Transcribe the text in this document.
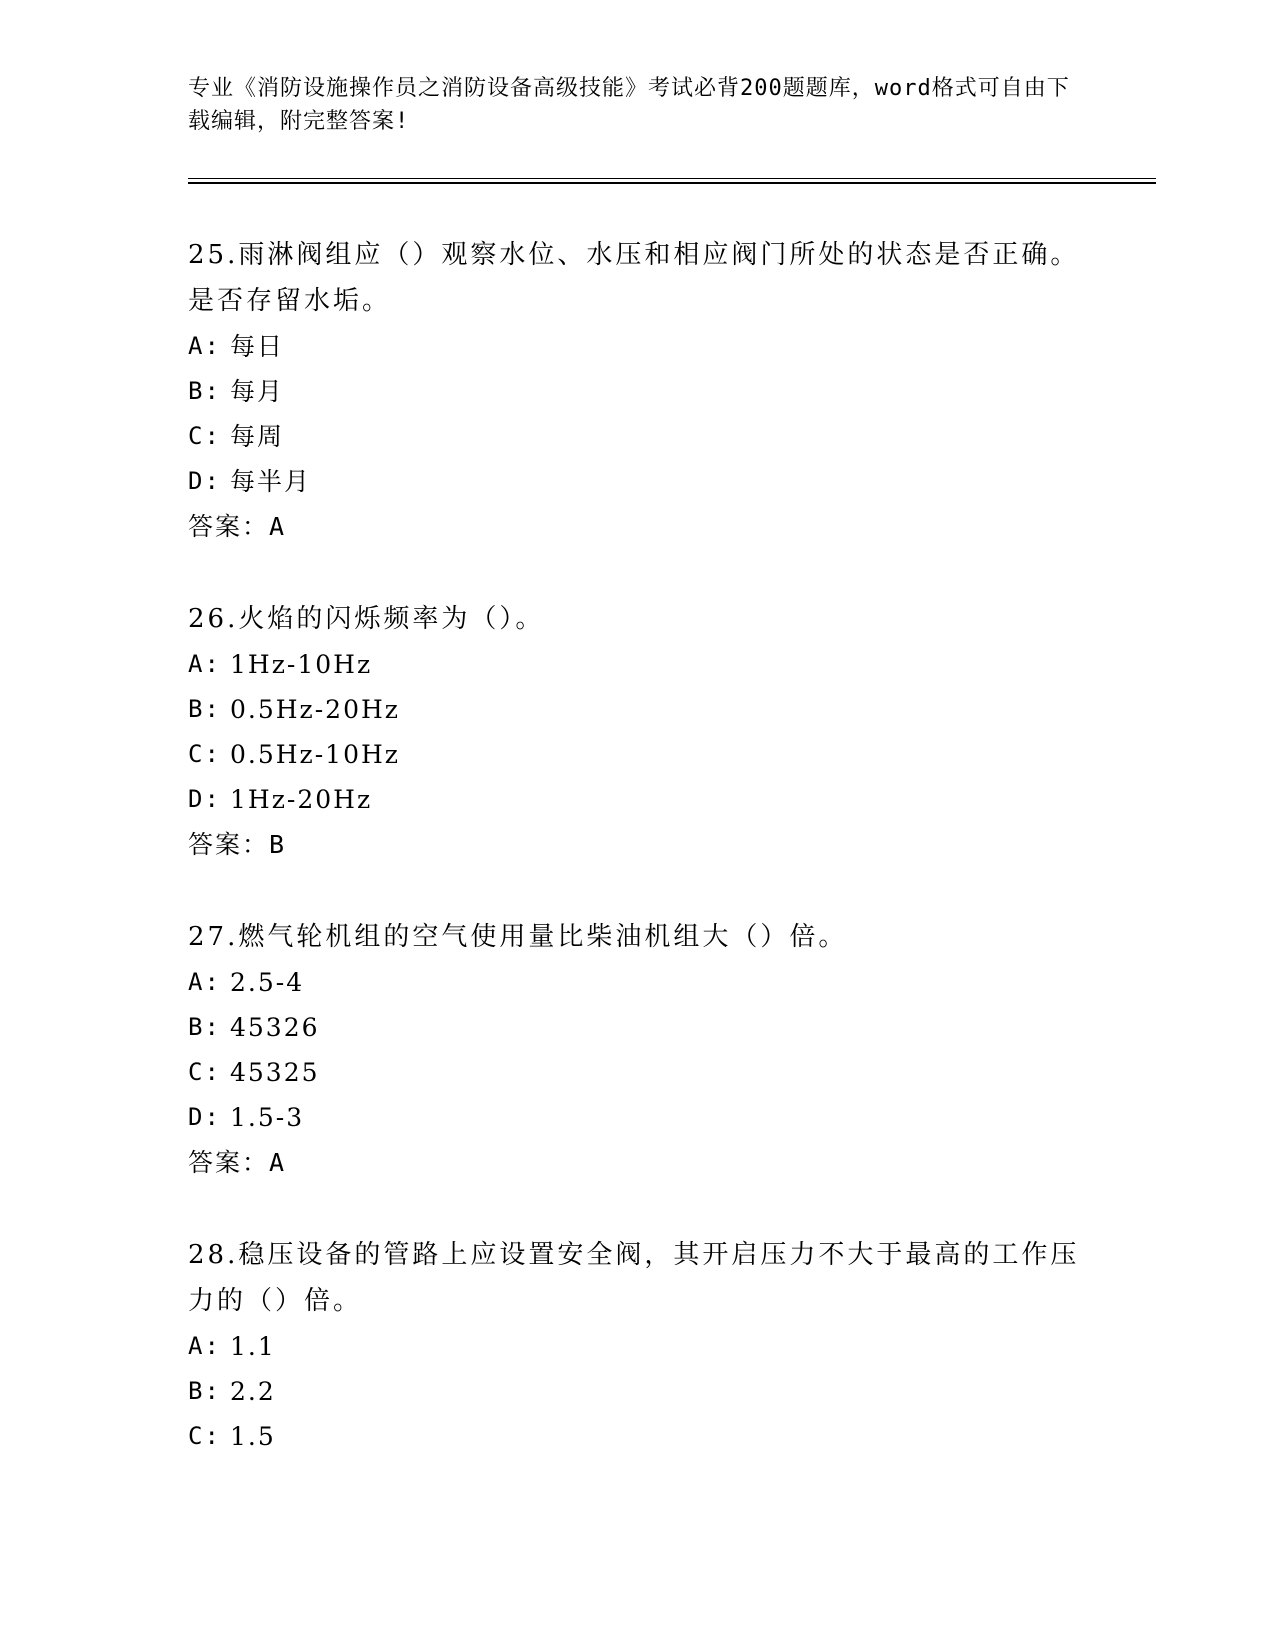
专业《消防设施操作员之消防设备高级技能》考试必背200题题库，word格式可自由下载编辑，附完整答案!

25.雨淋阀组应（）观察水位、水压和相应阀门所处的状态是否正确。是否存留水垢。

A: 每日

B: 每月

C: 每周

D: 每半月

答案：A

26.火焰的闪烁频率为（）。

A: 1Hz-10Hz

B: 0.5Hz-20Hz

C: 0.5Hz-10Hz

D: 1Hz-20Hz

答案：B

27.燃气轮机组的空气使用量比柴油机组大（）倍。

A: 2.5-4

B: 45326

C: 45325

D: 1.5-3

答案：A

28.稳压设备的管路上应设置安全阀，其开启压力不大于最高的工作压力的（）倍。

A: 1.1

B: 2.2

C: 1.5
